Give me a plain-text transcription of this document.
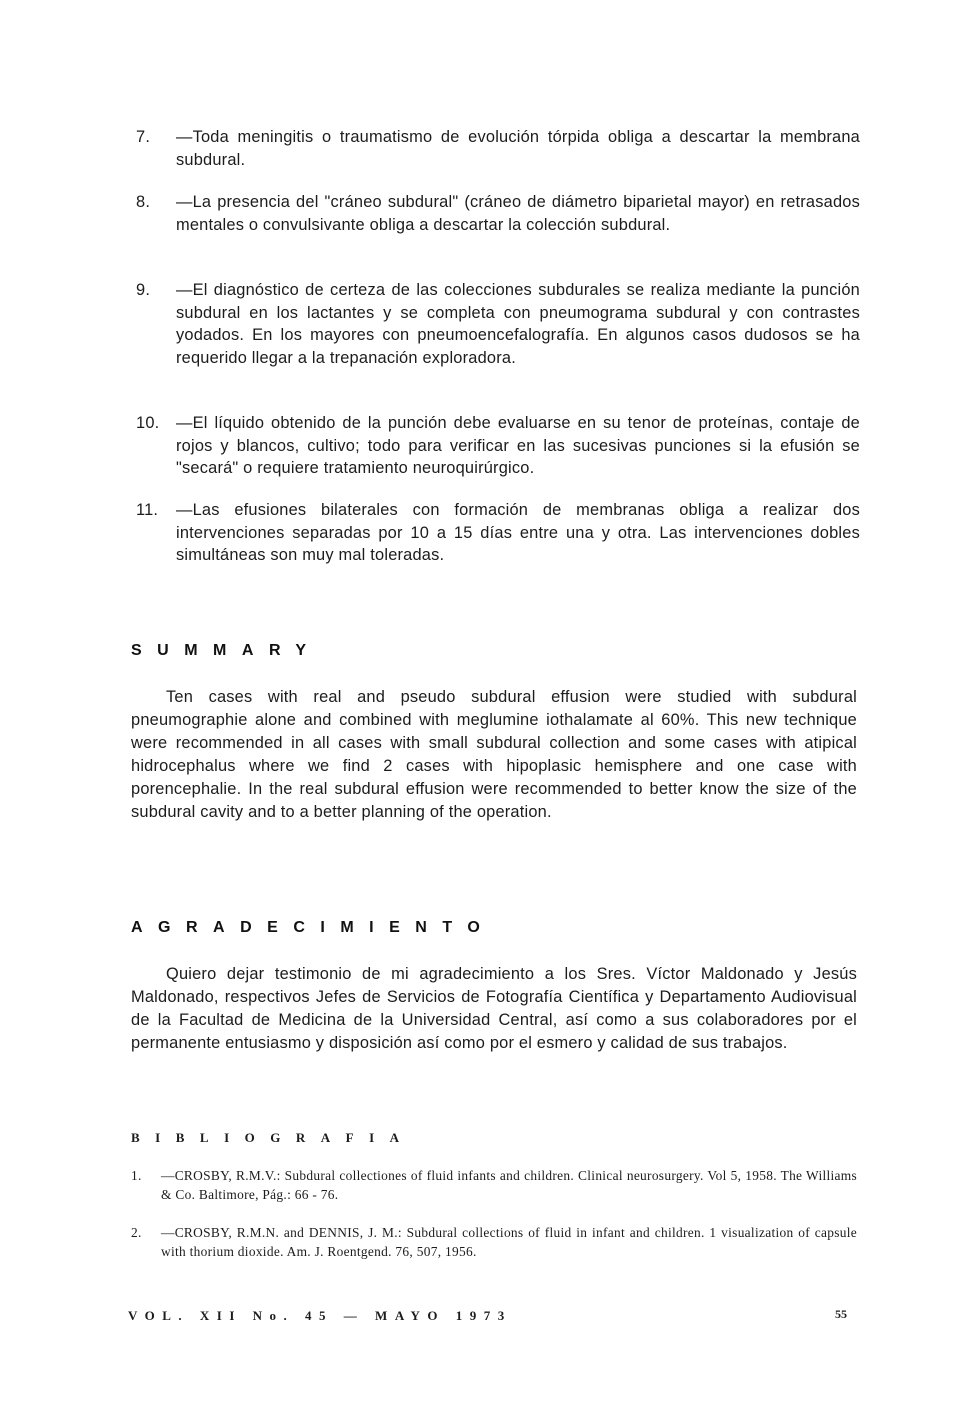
7.	—Toda meningitis o traumatismo de evolución tórpida obliga a descartar la membrana subdural.
8.	—La presencia del "cráneo subdural" (cráneo de diámetro biparietal mayor) en retrasados mentales o convulsivante obliga a descartar la colección subdural.
9.	—El diagnóstico de certeza de las colecciones subdurales se realiza mediante la punción subdural en los lactantes y se completa con pneumograma subdural y con contrastes yodados. En los mayores con pneumoencefalografía. En algunos casos dudosos se ha requerido llegar a la trepanación exploradora.
10.	—El líquido obtenido de la punción debe evaluarse en su tenor de proteínas, contaje de rojos y blancos, cultivo; todo para verificar en las sucesivas punciones si la efusión se "secará" o requiere tratamiento neuroquirúrgico.
11.	—Las efusiones bilaterales con formación de membranas obliga a realizar dos intervenciones separadas por 10 a 15 días entre una y otra. Las intervenciones dobles simultáneas son muy mal toleradas.
SUMMARY
Ten cases with real and pseudo subdural effusion were studied with subdural pneumographie alone and combined with meglumine iothalamate al 60%. This new technique were recommended in all cases with small subdural collection and some cases with atipical hidrocephalus where we find 2 cases with hipoplasic hemisphere and one case with porencephalie. In the real subdural effusion were recommended to better know the size of the subdural cavity and to a better planning of the operation.
AGRADECIMIENTO
Quiero dejar testimonio de mi agradecimiento a los Sres. Víctor Maldonado y Jesús Maldonado, respectivos Jefes de Servicios de Fotografía Científica y Departamento Audiovisual de la Facultad de Medicina de la Universidad Central, así como a sus colaboradores por el permanente entusiasmo y disposición así como por el esmero y calidad de sus trabajos.
BIBLIOGRAFIA
1.	—CROSBY, R.M.V.: Subdural collectiones of fluid infants and children. Clinical neurosurgery. Vol 5, 1958. The Williams & Co. Baltimore, Pág.: 66 - 76.
2.	—CROSBY, R.M.N. and DENNIS, J. M.: Subdural collections of fluid in infant and children. 1 visualization of capsule with thorium dioxide. Am. J. Roentgend. 76, 507, 1956.
VOL. XII No. 45 — MAYO 1973	55
